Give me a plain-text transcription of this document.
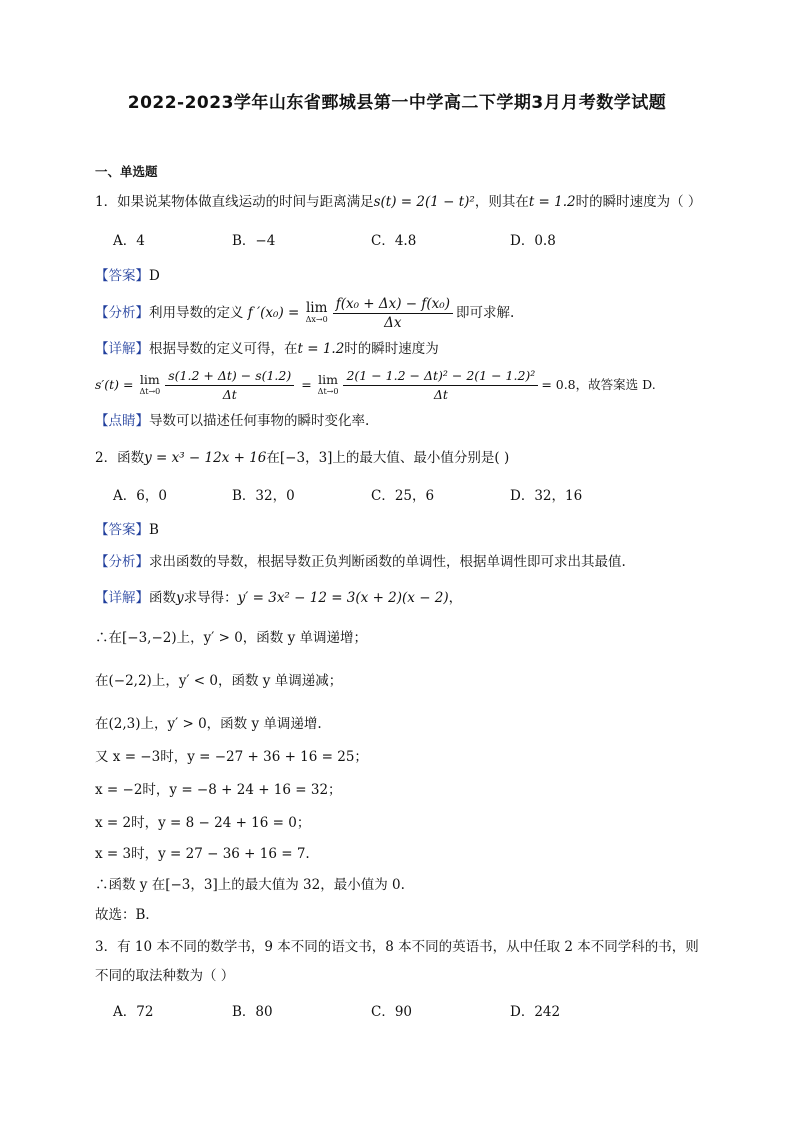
2022-2023学年山东省鄄城县第一中学高二下学期3月月考数学试题
一、单选题
1．如果说某物体做直线运动的时间与距离满足s(t) = 2(1 − t)²，则其在t = 1.2时的瞬时速度为（ ）
A．4	B．−4	C．4.8	D．0.8
【答案】D
【分析】利用导数的定义 f ′(x₀) = lim
$\Delta x\to 0 \frac{\text{f(x₀ + Δx) − f(x₀)}}{\Delta x}$ 即可求解.
【详解】根据导数的定义可得，在t = 1.2时的瞬时速度为
s′(t) = lim
$\Delta t\to 0 \frac{s(1.2 + \Delta t) - s(1.2)}{\Delta t} = \lim$
$\Delta t\to 0 \frac{\text{2(1 − 1.2 − Δt)² − 2(1 − 1.2)²}}{\Delta t} = 0.8$，故答案选 D.
【点睛】导数可以描述任何事物的瞬时变化率.
2．函数y = x³ − 12x + 16在[−3，3]上的最大值、最小值分别是( )
A．6，0	B．32，0	C．25，6	D．32，16
【答案】B
【分析】求出函数的导数，根据导数正负判断函数的单调性，根据单调性即可求出其最值.
【详解】函数y求导得：y′ = 3x² − 12 = 3(x + 2)(x − 2)，
∴在[−3,−2)上，y′ > 0，函数 y 单调递增；
在(−2,2)上，y′ < 0，函数 y 单调递减；
在(2,3)上，y′ > 0，函数 y 单调递增.
又 x = −3时，y = −27 + 36 + 16 = 25；
x = −2时，y = −8 + 24 + 16 = 32；
x = 2时，y = 8 − 24 + 16 = 0；
x = 3时，y = 27 − 36 + 16 = 7.
∴函数 y 在[−3，3]上的最大值为 32，最小值为 0.
故选：B．
3．有 10 本不同的数学书，9 本不同的语文书，8 本不同的英语书，从中任取 2 本不同学科的书，则
不同的取法种数为（ ）
A．72	B．80	C．90	D．242
